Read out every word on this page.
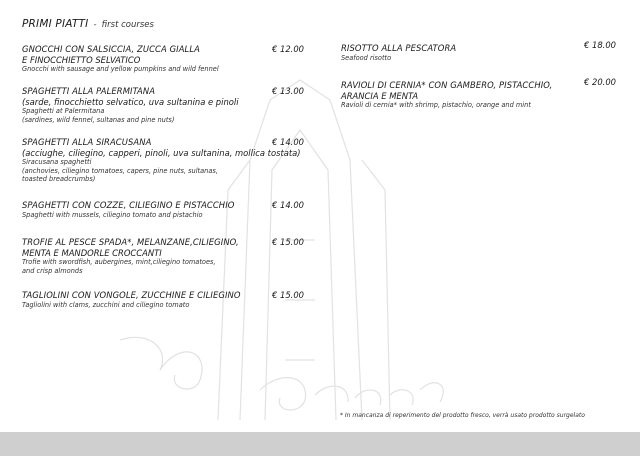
PRIMI PIATTI - first courses
GNOCCHI CON SALSICCIA, ZUCCA GIALLA
E FINOCCHIETTO SELVATICO
Gnocchi with sausage and yellow pumpkins and wild fennel
€ 12.00
SPAGHETTI ALLA PALERMITANA
(sarde, finocchietto selvatico, uva sultanina e pinoli
Spaghetti at Palermitana
(sardines, wild fennel, sultanas and pine nuts)
€ 13.00
SPAGHETTI ALLA SIRACUSANA
(acciughe, ciliegino, capperi, pinoli, uva sultanina, mollica tostata)
Siracusana spaghetti
(anchovies, ciliegino tomatoes, capers, pine nuts, sultanas,
toasted breadcrumbs)
€ 14.00
SPAGHETTI CON COZZE, CILIEGINO E PISTACCHIO
Spaghetti with mussels, ciliegino tomato and pistachio
€ 14.00
TROFIE AL PESCE SPADA*, MELANZANE,CILIEGINO,
MENTA E MANDORLE CROCCANTI
Trofie with swordfish, aubergines, mint,ciliegino tomatoes,
and crisp almonds
€ 15.00
TAGLIOLINI CON VONGOLE, ZUCCHINE E CILIEGINO
Tagliolini with clams, zucchini and ciliegino tomato
€ 15.00
RISOTTO ALLA PESCATORA
Seafood risotto
€ 18.00
RAVIOLI DI CERNIA* CON GAMBERO, PISTACCHIO,
ARANCIA E MENTA
Ravioli di cernia* with shrimp, pistachio, orange and mint
€ 20.00
* In mancanza di reperimento del prodotto fresco, verrà usato prodotto surgelato
